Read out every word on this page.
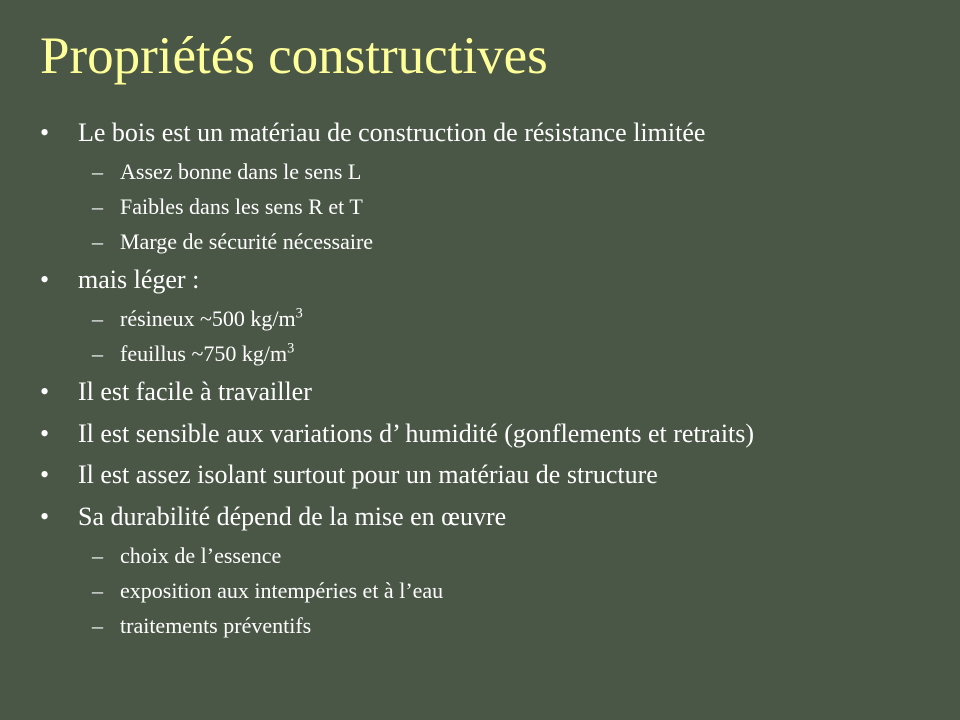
Propriétés constructives
• Le bois est un matériau de construction de résistance limitée
– Assez bonne dans le sens L
– Faibles dans les sens R et T
– Marge de sécurité nécessaire
• mais léger :
– résineux ~500 $kg/m^3$
– feuillus ~750 $kg/m^3$
• Il est facile à travailler
• Il est sensible aux variations d’ humidité (gonflements et retraits)
• Il est assez isolant surtout pour un matériau de structure
• Sa durabilité dépend de la mise en œuvre
– choix de l’essence
– exposition aux intempéries et à l’eau
– traitements préventifs
